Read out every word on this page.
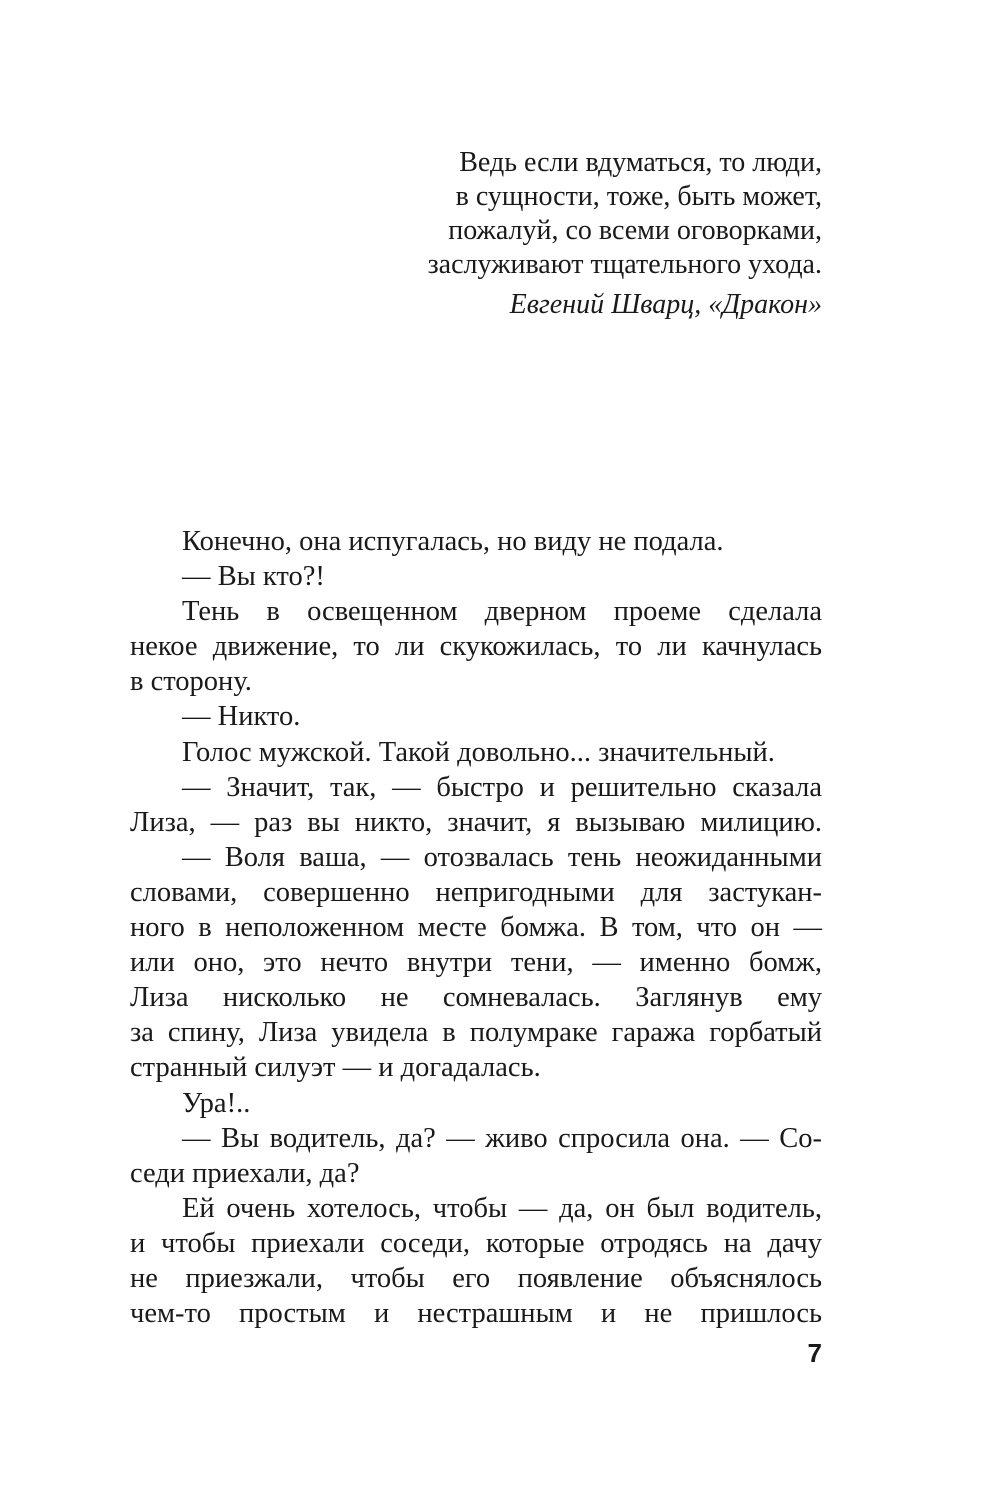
Ведь если вдуматься, то люди,
в сущности, тоже, быть может,
пожалуй, со всеми оговорками,
заслуживают тщательного ухода.
Евгений Шварц, «Дракон»
Конечно, она испугалась, но виду не подала.
— Вы кто?!
Тень в освещенном дверном проеме сделала
некое движение, то ли скукожилась, то ли качнулась
в сторону.
— Никто.
Голос мужской. Такой довольно... значительный.
— Значит, так, — быстро и решительно сказала
Лиза, — раз вы никто, значит, я вызываю милицию.
— Воля ваша, — отозвалась тень неожиданными
словами, совершенно непригодными для застукан-
ного в неположенном месте бомжа. В том, что он —
или оно, это нечто внутри тени, — именно бомж,
Лиза нисколько не сомневалась. Заглянув ему
за спину, Лиза увидела в полумраке гаража горбатый
странный силуэт — и догадалась.
Ура!..
— Вы водитель, да? — живо спросила она. — Со-
седи приехали, да?
Ей очень хотелось, чтобы — да, он был водитель,
и чтобы приехали соседи, которые отродясь на дачу
не приезжали, чтобы его появление объяснялось
чем-то простым и нестрашным и не пришлось
7
